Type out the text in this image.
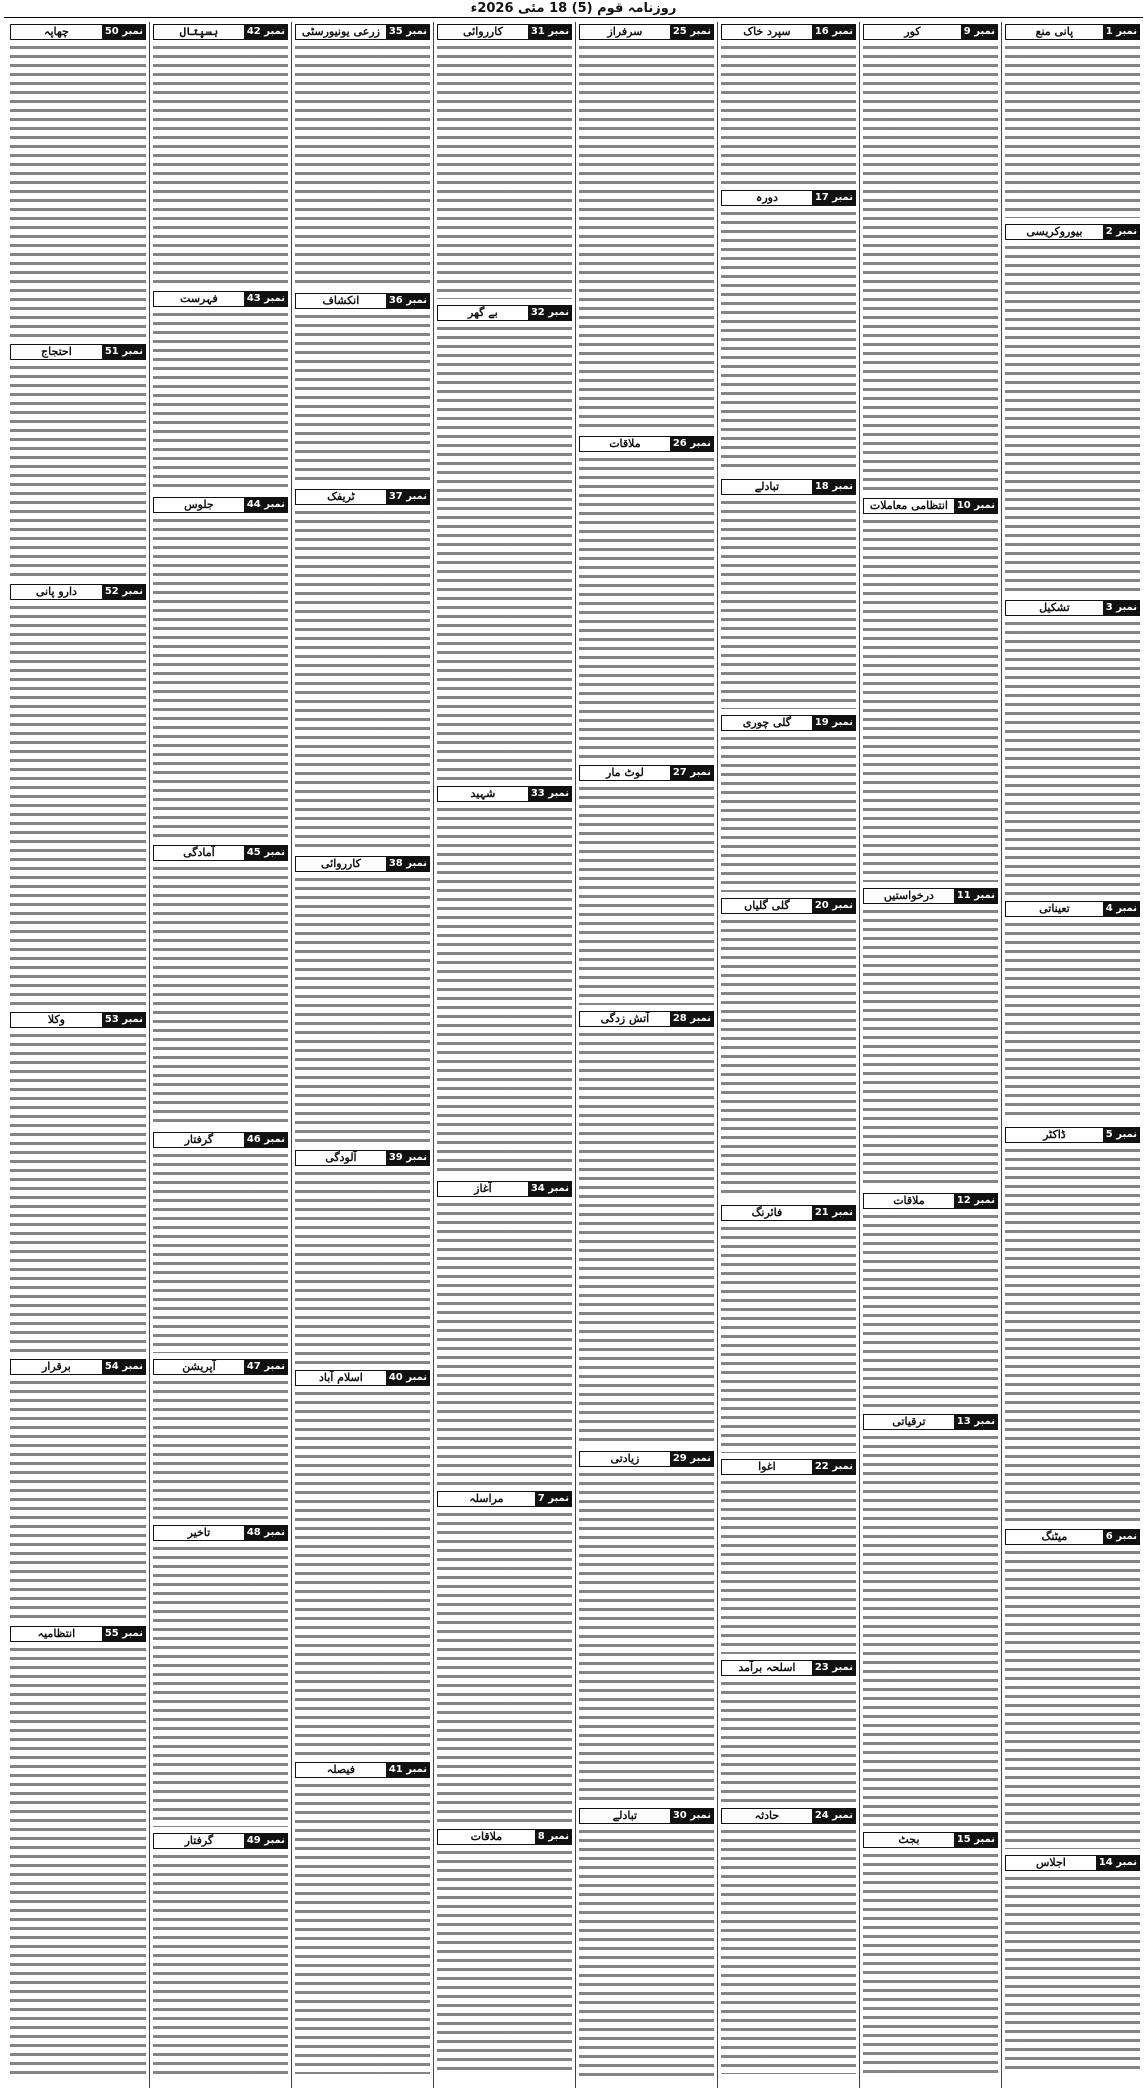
روزنامہ قوم (5) 18 مئی 2026ء
نمبر 1
پانی منع
نمبر 2
بیوروکریسی
نمبر 3
تشکیل
نمبر 4
تعیناتی
نمبر 5
ڈاکٹر
نمبر 6
میٹنگ
نمبر 14
اجلاس
نمبر 9
کور
نمبر 10
انتظامی معاملات
نمبر 11
درخواستیں
نمبر 12
ملاقات
نمبر 13
ترقیاتی
نمبر 15
بجٹ
نمبر 16
سپرد خاک
نمبر 17
دورہ
نمبر 18
تبادلے
نمبر 19
گلی چوری
نمبر 20
گلی گلیاں
نمبر 21
فائرنگ
نمبر 22
اغوا
نمبر 23
اسلحہ برآمد
نمبر 24
حادثہ
نمبر 25
سرفراز
نمبر 26
ملاقات
نمبر 27
لوٹ مار
نمبر 28
آتش زدگی
نمبر 29
زیادتی
نمبر 30
تبادلے
نمبر 31
کارروائی
نمبر 32
بے گھر
نمبر 33
شہید
نمبر 34
آغاز
نمبر 7
مراسلہ
نمبر 8
ملاقات
نمبر 35
زرعی یونیورسٹی
نمبر 36
انکشاف
نمبر 37
ٹریفک
نمبر 38
کارروائی
نمبر 39
آلودگی
نمبر 40
اسلام آباد
نمبر 41
فیصلہ
نمبر 42
ہسپتال
نمبر 43
فہرست
نمبر 44
جلوس
نمبر 45
آمادگی
نمبر 46
گرفتار
نمبر 47
آپریشن
نمبر 48
تاخیر
نمبر 49
گرفتار
نمبر 50
چھاپہ
نمبر 51
احتجاج
نمبر 52
دارو پانی
نمبر 53
وکلا
نمبر 54
برقرار
نمبر 55
انتظامیہ
